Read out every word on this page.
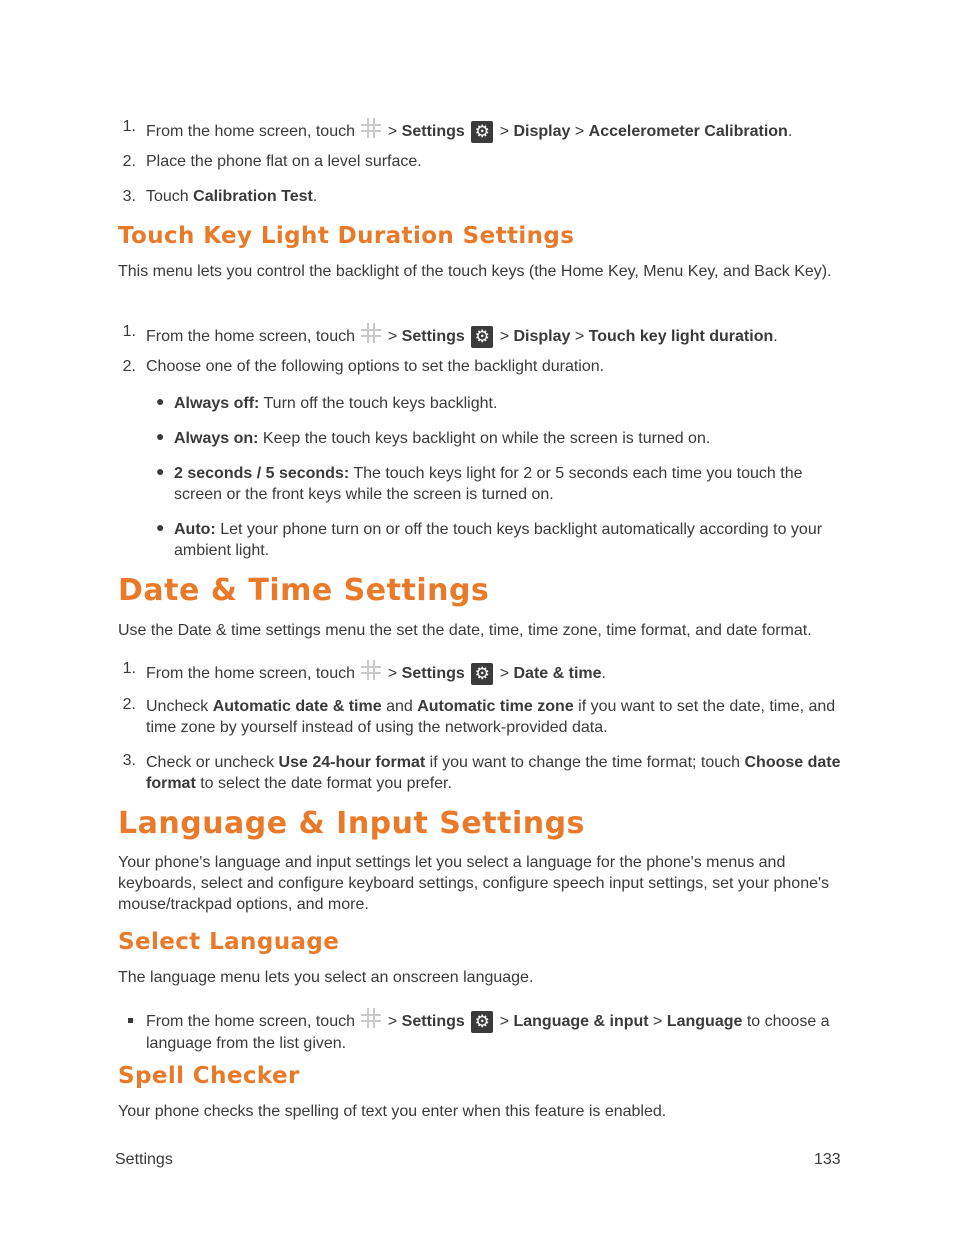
1. From the home screen, touch  > Settings ⚙ > Display > Accelerometer Calibration.
2. Place the phone flat on a level surface.
3. Touch Calibration Test.
Touch Key Light Duration Settings
This menu lets you control the backlight of the touch keys (the Home Key, Menu Key, and Back Key).
1. From the home screen, touch  > Settings ⚙ > Display > Touch key light duration.
2. Choose one of the following options to set the backlight duration.
● Always off: Turn off the touch keys backlight.
● Always on: Keep the touch keys backlight on while the screen is turned on.
● 2 seconds / 5 seconds: The touch keys light for 2 or 5 seconds each time you touch the screen or the front keys while the screen is turned on.
● Auto: Let your phone turn on or off the touch keys backlight automatically according to your ambient light.
Date & Time Settings
Use the Date & time settings menu the set the date, time, time zone, time format, and date format.
1. From the home screen, touch  > Settings ⚙ > Date & time.
2. Uncheck Automatic date & time and Automatic time zone if you want to set the date, time, and time zone by yourself instead of using the network-provided data.
3. Check or uncheck Use 24-hour format if you want to change the time format; touch Choose date format to select the date format you prefer.
Language & Input Settings
Your phone's language and input settings let you select a language for the phone's menus and keyboards, select and configure keyboard settings, configure speech input settings, set your phone's mouse/trackpad options, and more.
Select Language
The language menu lets you select an onscreen language.
From the home screen, touch  > Settings ⚙ > Language & input > Language to choose a language from the list given.
Spell Checker
Your phone checks the spelling of text you enter when this feature is enabled.
Settings	133
